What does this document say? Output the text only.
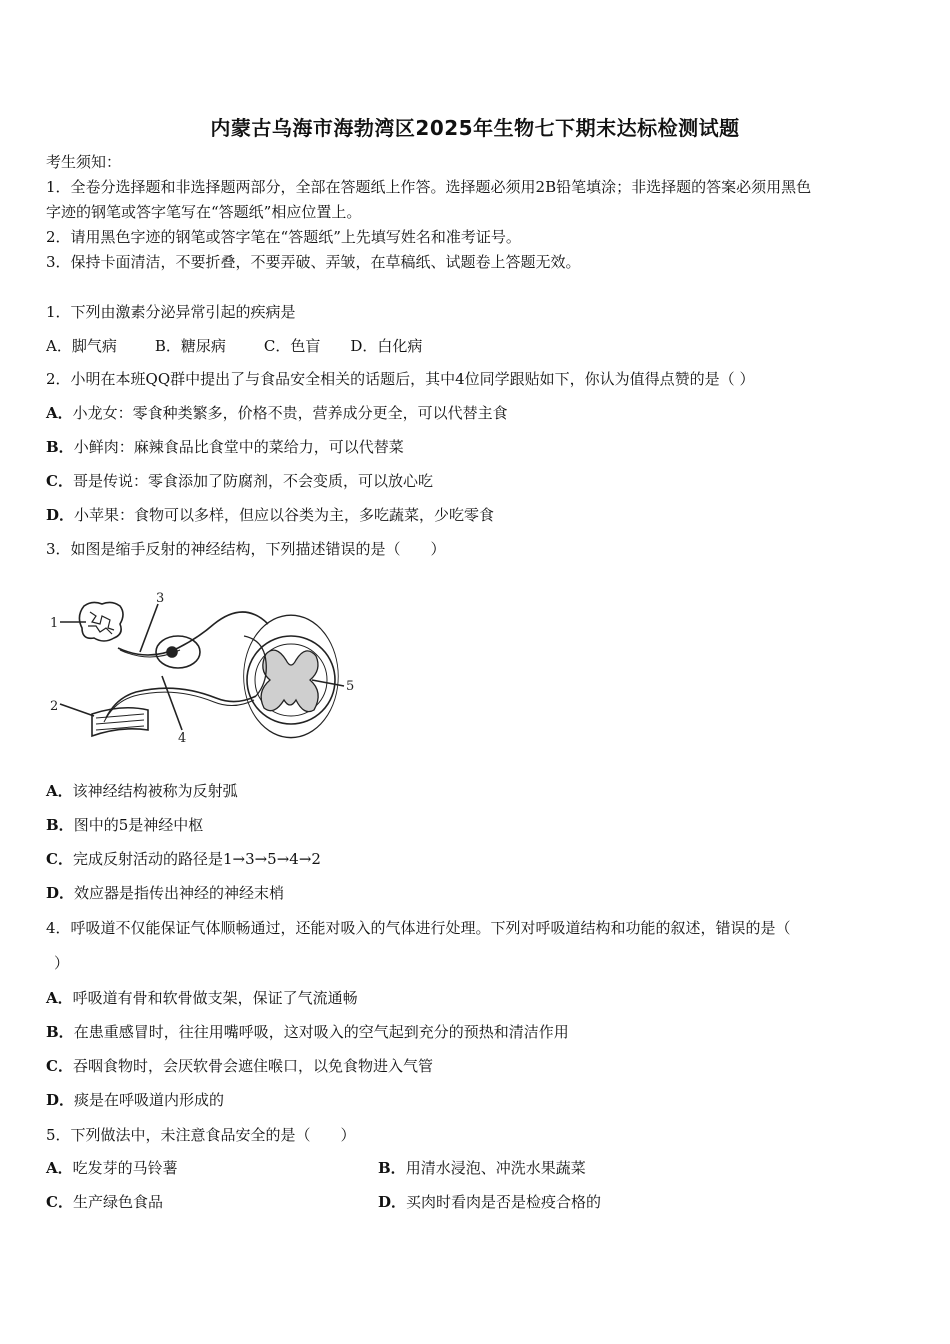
内蒙古乌海市海勃湾区2025年生物七下期末达标检测试题
考生须知：
1．全卷分选择题和非选择题两部分，全部在答题纸上作答。选择题必须用2B铅笔填涂；非选择题的答案必须用黑色
字迹的钢笔或答字笔写在“答题纸”相应位置上。
2．请用黑色字迹的钢笔或答字笔在“答题纸”上先填写姓名和准考证号。
3．保持卡面清洁，不要折叠，不要弄破、弄皱，在草稿纸、试题卷上答题无效。
1．下列由激素分泌异常引起的疾病是
A．脚气病	B．糖尿病	C．色盲 D．白化病
2．小明在本班QQ群中提出了与食品安全相关的话题后，其中4位同学跟贴如下，你认为值得点赞的是（ ）
A．小龙女：零食种类繁多，价格不贵，营养成分更全，可以代替主食
B．小鲜肉：麻辣食品比食堂中的菜给力，可以代替菜
C．哥是传说：零食添加了防腐剂，不会变质，可以放心吃
D．小苹果：食物可以多样，但应以谷类为主，多吃蔬菜，少吃零食
3．如图是缩手反射的神经结构，下列描述错误的是（　　）
1
2
3
4
5
A．该神经结构被称为反射弧
B．图中的5是神经中枢
C．完成反射活动的路径是1→3→5→4→2
D．效应器是指传出神经的神经末梢
4．呼吸道不仅能保证气体顺畅通过，还能对吸入的气体进行处理。下列对呼吸道结构和功能的叙述，错误的是（
）
A．呼吸道有骨和软骨做支架，保证了气流通畅
B．在患重感冒时，往往用嘴呼吸，这对吸入的空气起到充分的预热和清洁作用
C．吞咽食物时，会厌软骨会遮住喉口，以免食物进入气管
D．痰是在呼吸道内形成的
5．下列做法中，未注意食品安全的是（　　）
A．吃发芽的马铃薯	B．用清水浸泡、冲洗水果蔬菜
C．生产绿色食品	D．买肉时看肉是否是检疫合格的
